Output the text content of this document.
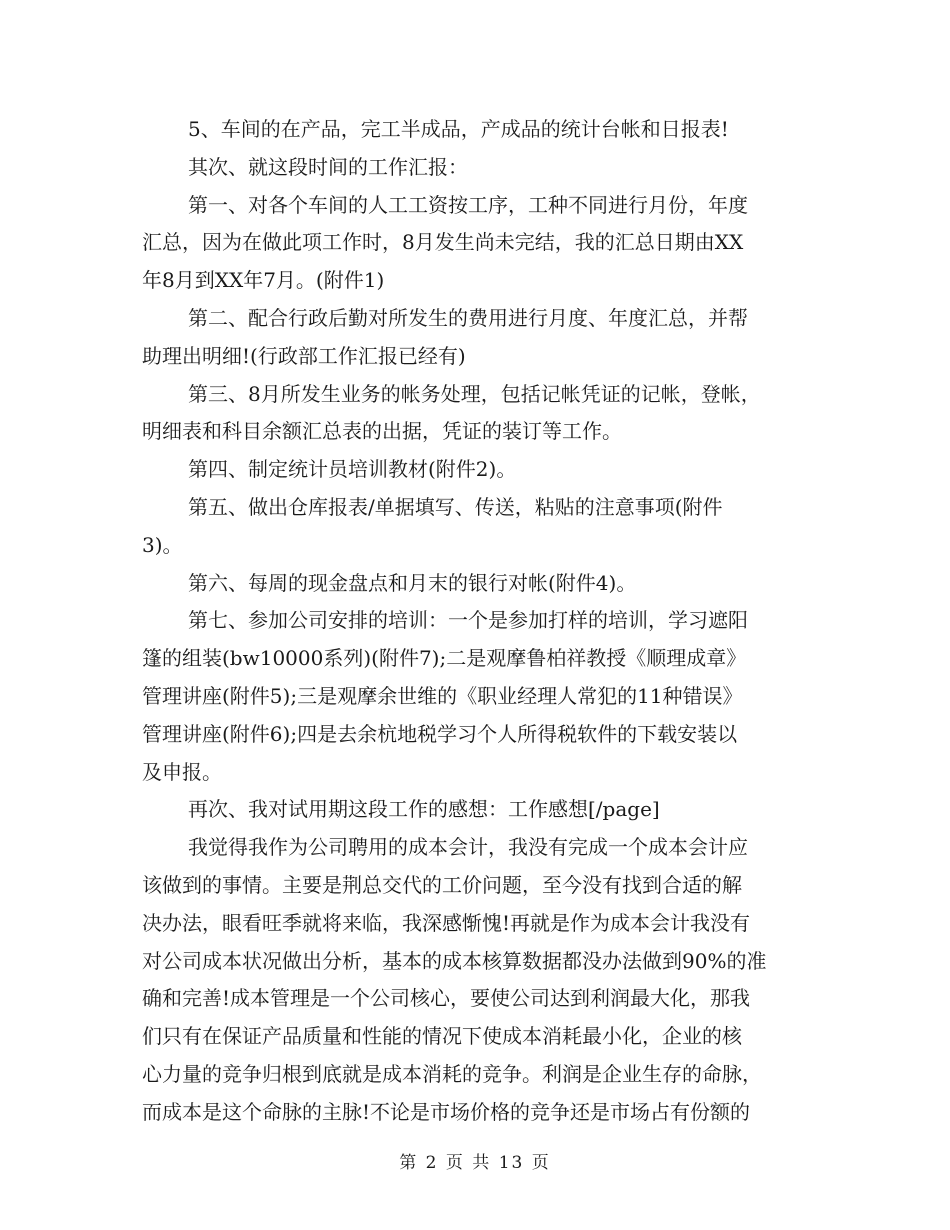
5、车间的在产品，完工半成品，产成品的统计台帐和日报表!
其次、就这段时间的工作汇报：
第一、对各个车间的人工工资按工序，工种不同进行月份，年度
汇总，因为在做此项工作时，8月发生尚未完结，我的汇总日期由XX
年8月到XX年7月。(附件1)
第二、配合行政后勤对所发生的费用进行月度、年度汇总，并帮
助理出明细!(行政部工作汇报已经有)
第三、8月所发生业务的帐务处理，包括记帐凭证的记帐，登帐，
明细表和科目余额汇总表的出据，凭证的装订等工作。
第四、制定统计员培训教材(附件2)。
第五、做出仓库报表/单据填写、传送，粘贴的注意事项(附件
3)。
第六、每周的现金盘点和月末的银行对帐(附件4)。
第七、参加公司安排的培训：一个是参加打样的培训，学习遮阳
篷的组装(bw10000系列)(附件7);二是观摩鲁柏祥教授《顺理成章》
管理讲座(附件5);三是观摩余世维的《职业经理人常犯的11种错误》
管理讲座(附件6);四是去余杭地税学习个人所得税软件的下载安装以
及申报。
再次、我对试用期这段工作的感想：工作感想[/page]
我觉得我作为公司聘用的成本会计，我没有完成一个成本会计应
该做到的事情。主要是荆总交代的工价问题，至今没有找到合适的解
决办法，眼看旺季就将来临，我深感惭愧!再就是作为成本会计我没有
对公司成本状况做出分析，基本的成本核算数据都没办法做到90%的准
确和完善!成本管理是一个公司核心，要使公司达到利润最大化，那我
们只有在保证产品质量和性能的情况下使成本消耗最小化，企业的核
心力量的竞争归根到底就是成本消耗的竞争。利润是企业生存的命脉，
而成本是这个命脉的主脉!不论是市场价格的竞争还是市场占有份额的
第 2 页 共 13 页
